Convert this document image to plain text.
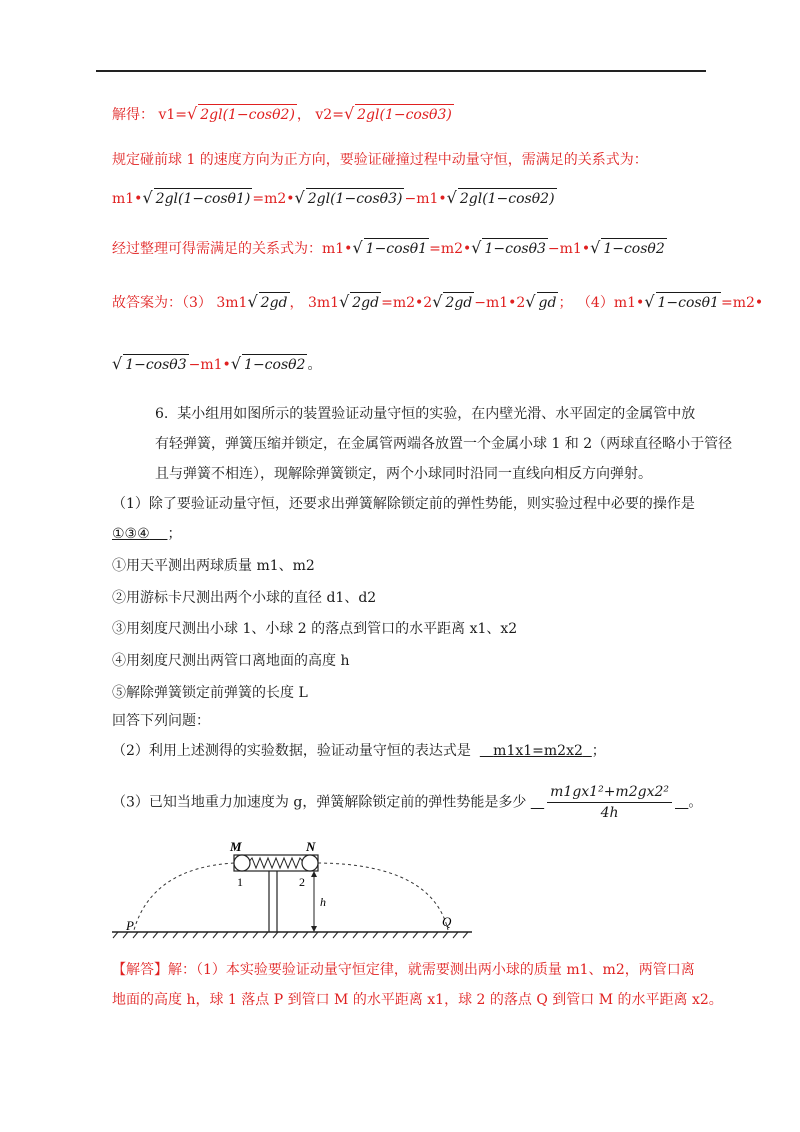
解得： v1=√ 2gl(1−cosθ2) ， v2=√ 2gl(1−cosθ3)
规定碰前球 1 的速度方向为正方向，要验证碰撞过程中动量守恒，需满足的关系式为：
m1•√ 2gl(1−cosθ1) =m2•√ 2gl(1−cosθ3) −m1•√ 2gl(1−cosθ2)
经过整理可得需满足的关系式为：m1•√ 1−cosθ1 =m2•√ 1−cosθ3 −m1•√ 1−cosθ2
故答案为：（3） 3m1√ 2gd ， 3m1√ 2gd =m2•2√ 2gd −m1•2√ gd ； （4）m1•√ 1−cosθ1 =m2•
√ 1−cosθ3 −m1•√ 1−cosθ2 。
6. 某小组用如图所示的装置验证动量守恒的实验，在内壁光滑、水平固定的金属管中放
有轻弹簧，弹簧压缩并锁定，在金属管两端各放置一个金属小球 1 和 2（两球直径略小于管径
且与弹簧不相连），现解除弹簧锁定，两个小球同时沿同一直线向相反方向弹射。
（1）除了要验证动量守恒，还要求出弹簧解除锁定前的弹性势能，则实验过程中必要的操作是
①③④ ；
①用天平测出两球质量 m1、m2
②用游标卡尺测出两个小球的直径 d1、d2
③用刻度尺测出小球 1、小球 2 的落点到管口的水平距离 x1、x2
④用刻度尺测出两管口离地面的高度 h
⑤解除弹簧锁定前弹簧的长度 L
回答下列问题：
（2）利用上述测得的实验数据，验证动量守恒的表达式是 m1x1=m2x2 ；
（3）已知当地重力加速度为 g，弹簧解除锁定前的弹性势能是多少 $\frac{\text{m1gx1²+m2gx2²}}{4h}$ 。
M	N
1	2
h
P	Q
【解答】解：（1）本实验要验证动量守恒定律，就需要测出两小球的质量 m1、m2，两管口离
地面的高度 h，球 1 落点 P 到管口 M 的水平距离 x1，球 2 的落点 Q 到管口 M 的水平距离 x2。
